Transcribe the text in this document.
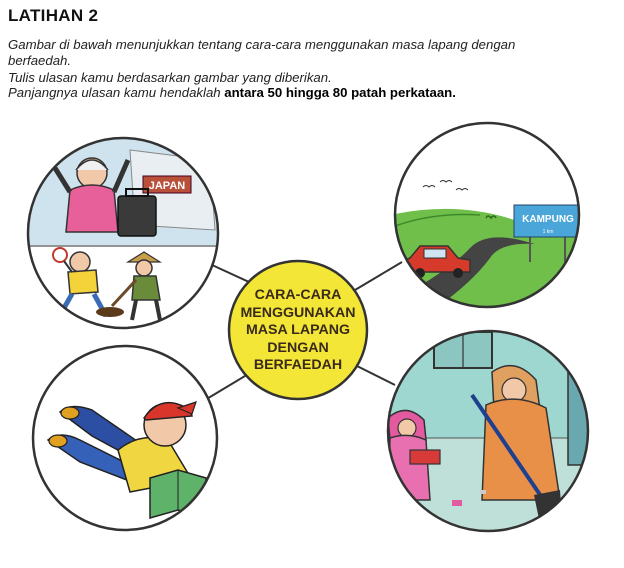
LATIHAN 2
Gambar di bawah menunjukkan tentang cara-cara menggunakan masa lapang dengan
berfaedah.
Tulis ulasan kamu berdasarkan gambar yang diberikan.
Panjangnya ulasan kamu hendaklah antara 50 hingga 80 patah perkataan.
JAPAN
KAMPUNG
1 km
CARA-CARA
MENGGUNAKAN
MASA LAPANG
DENGAN
BERFAEDAH
